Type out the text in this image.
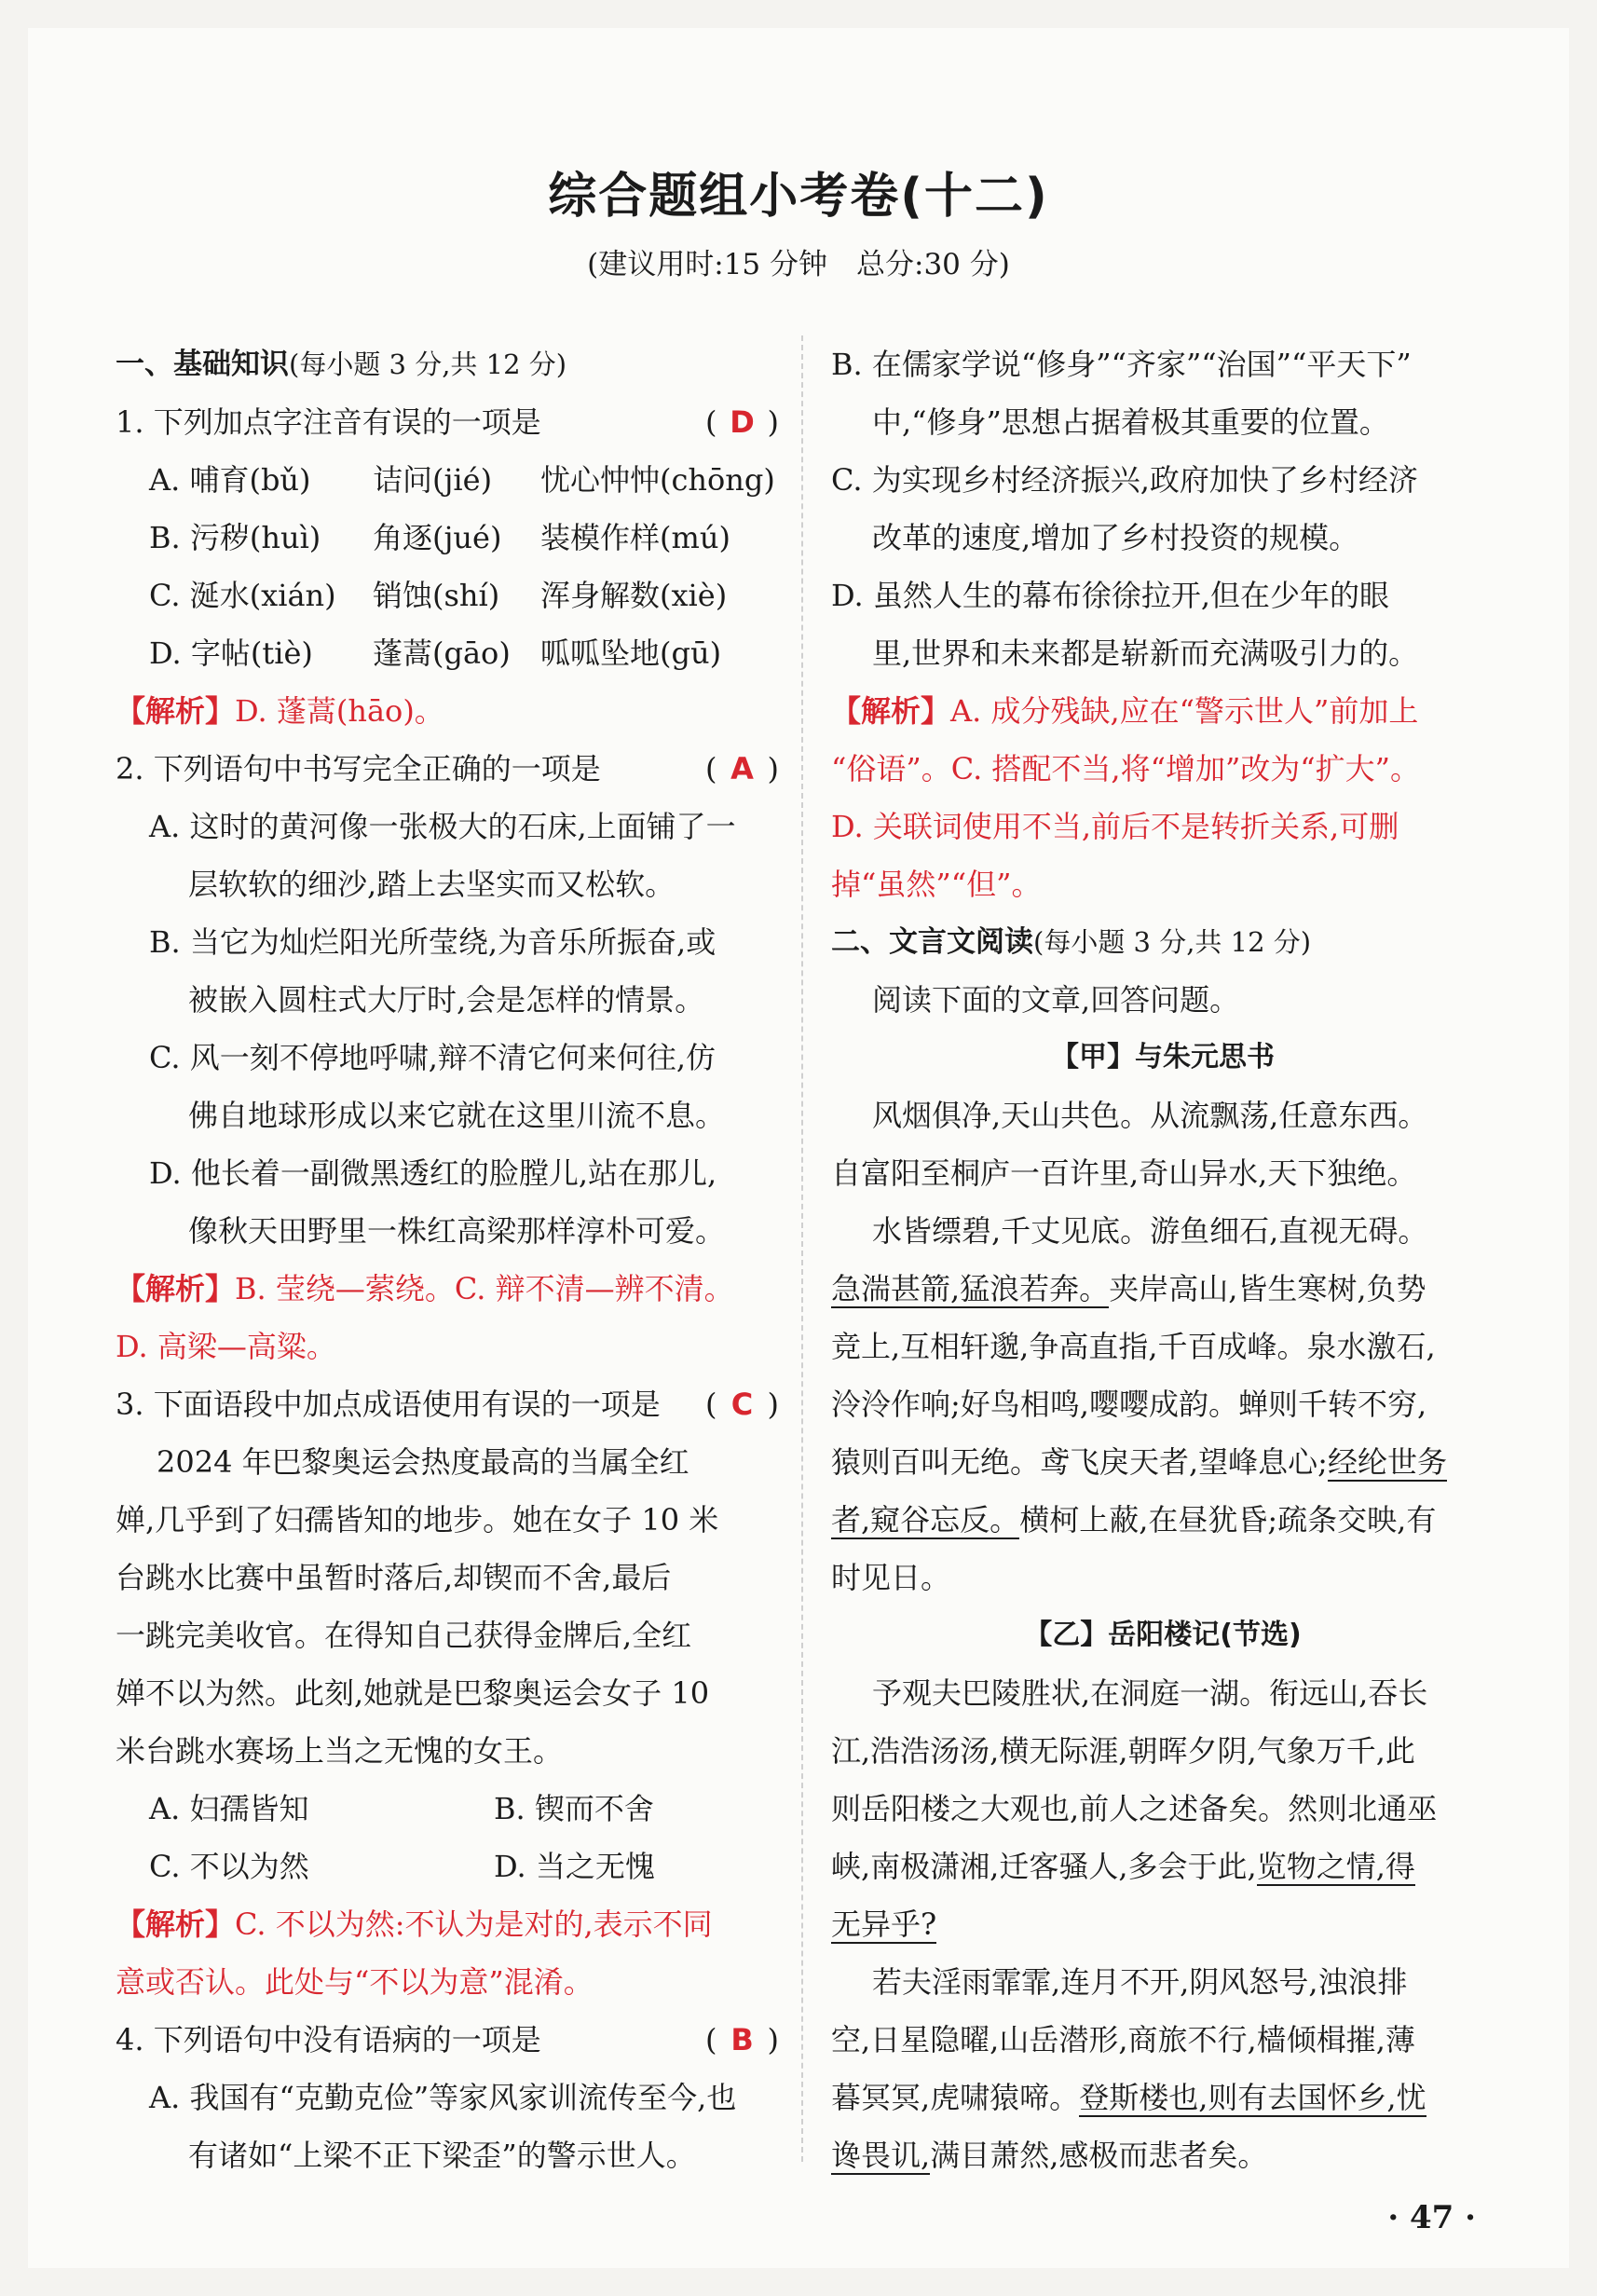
综合题组小考卷(十二)
(建议用时:15 分钟　总分:30 分)
一、基础知识(每小题 3 分,共 12 分)
1. 下列加点字注音有误的一项是	( D )
A. 哺育(bǔ)	诘问(jié)	忧心忡忡(chōng)
B. 污秽(huì)	角逐(jué)	装模作样(mú)
C. 涎水(xián)	销蚀(shí)	浑身解数(xiè)
D. 字帖(tiè)	蓬蒿(gāo)	呱呱坠地(gū)
【解析】D. 蓬蒿(hāo)。
2. 下列语句中书写完全正确的一项是	( A )
A. 这时的黄河像一张极大的石床,上面铺了一
层软软的细沙,踏上去坚实而又松软。
B. 当它为灿烂阳光所莹绕,为音乐所振奋,或
被嵌入圆柱式大厅时,会是怎样的情景。
C. 风一刻不停地呼啸,辩不清它何来何往,仿
佛自地球形成以来它就在这里川流不息。
D. 他长着一副微黑透红的脸膛儿,站在那儿,
像秋天田野里一株红高梁那样淳朴可爱。
【解析】B. 莹绕—萦绕。C. 辩不清—辨不清。
D. 高梁—高粱。
3. 下面语段中加点成语使用有误的一项是 ( C )
2024 年巴黎奥运会热度最高的当属全红
婵,几乎到了妇孺皆知的地步。她在女子 10 米
台跳水比赛中虽暂时落后,却锲而不舍,最后
一跳完美收官。在得知自己获得金牌后,全红
婵不以为然。此刻,她就是巴黎奥运会女子 10
米台跳水赛场上当之无愧的女王。
A. 妇孺皆知	B. 锲而不舍
C. 不以为然	D. 当之无愧
【解析】C. 不以为然:不认为是对的,表示不同
意或否认。此处与“不以为意”混淆。
4. 下列语句中没有语病的一项是	( B )
A. 我国有“克勤克俭”等家风家训流传至今,也
有诸如“上梁不正下梁歪”的警示世人。
B. 在儒家学说“修身”“齐家”“治国”“平天下”
中,“修身”思想占据着极其重要的位置。
C. 为实现乡村经济振兴,政府加快了乡村经济
改革的速度,增加了乡村投资的规模。
D. 虽然人生的幕布徐徐拉开,但在少年的眼
里,世界和未来都是崭新而充满吸引力的。
【解析】A. 成分残缺,应在“警示世人”前加上
“俗语”。C. 搭配不当,将“增加”改为“扩大”。
D. 关联词使用不当,前后不是转折关系,可删
掉“虽然”“但”。
二、文言文阅读(每小题 3 分,共 12 分)
阅读下面的文章,回答问题。
【甲】与朱元思书
风烟俱净,天山共色。从流飘荡,任意东西。
自富阳至桐庐一百许里,奇山异水,天下独绝。
水皆缥碧,千丈见底。游鱼细石,直视无碍。
急湍甚箭,猛浪若奔。夹岸高山,皆生寒树,负势
竞上,互相轩邈,争高直指,千百成峰。泉水激石,
泠泠作响;好鸟相鸣,嘤嘤成韵。蝉则千转不穷,
猿则百叫无绝。鸢飞戾天者,望峰息心;经纶世务
者,窥谷忘反。横柯上蔽,在昼犹昏;疏条交映,有
时见日。
【乙】岳阳楼记(节选)
予观夫巴陵胜状,在洞庭一湖。衔远山,吞长
江,浩浩汤汤,横无际涯,朝晖夕阴,气象万千,此
则岳阳楼之大观也,前人之述备矣。然则北通巫
峡,南极潇湘,迁客骚人,多会于此,览物之情,得
无异乎?
若夫淫雨霏霏,连月不开,阴风怒号,浊浪排
空,日星隐曜,山岳潜形,商旅不行,樯倾楫摧,薄
暮冥冥,虎啸猿啼。登斯楼也,则有去国怀乡,忧
谗畏讥,满目萧然,感极而悲者矣。
· 47 ·
